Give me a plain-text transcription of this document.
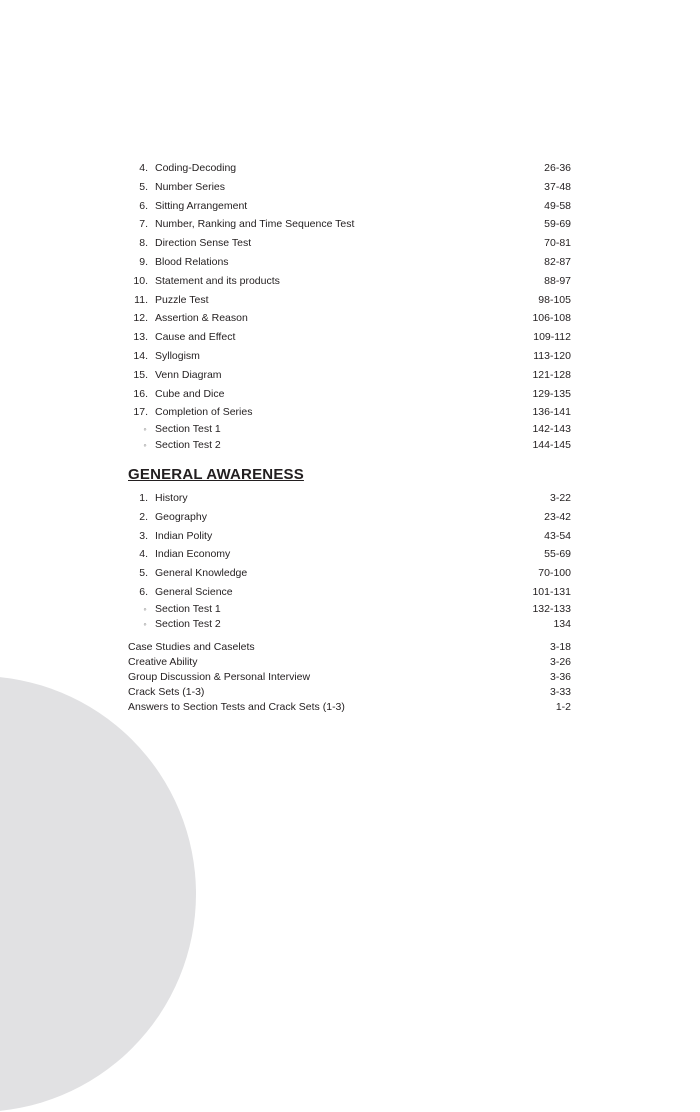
4. Coding-Decoding	26-36
5. Number Series	37-48
6. Sitting Arrangement	49-58
7. Number, Ranking and Time Sequence Test	59-69
8. Direction Sense Test	70-81
9. Blood Relations	82-87
10. Statement and its products	88-97
11. Puzzle Test	98-105
12. Assertion & Reason	106-108
13. Cause and Effect	109-112
14. Syllogism	113-120
15. Venn Diagram	121-128
16. Cube and Dice	129-135
17. Completion of Series	136-141
◦
Section Test 1	142-143
◦
Section Test 2	144-145
GENERAL AWARENESS
1. History	3-22
2. Geography	23-42
3. Indian Polity	43-54
4. Indian Economy	55-69
5. General Knowledge	70-100
6. General Science	101-131
◦
Section Test 1	132-133
◦
Section Test 2	134
Case Studies and Caselets	3-18
Creative Ability	3-26
Group Discussion & Personal Interview	3-36
Crack Sets (1-3)	3-33
Answers to Section Tests and Crack Sets (1-3)	1-2
